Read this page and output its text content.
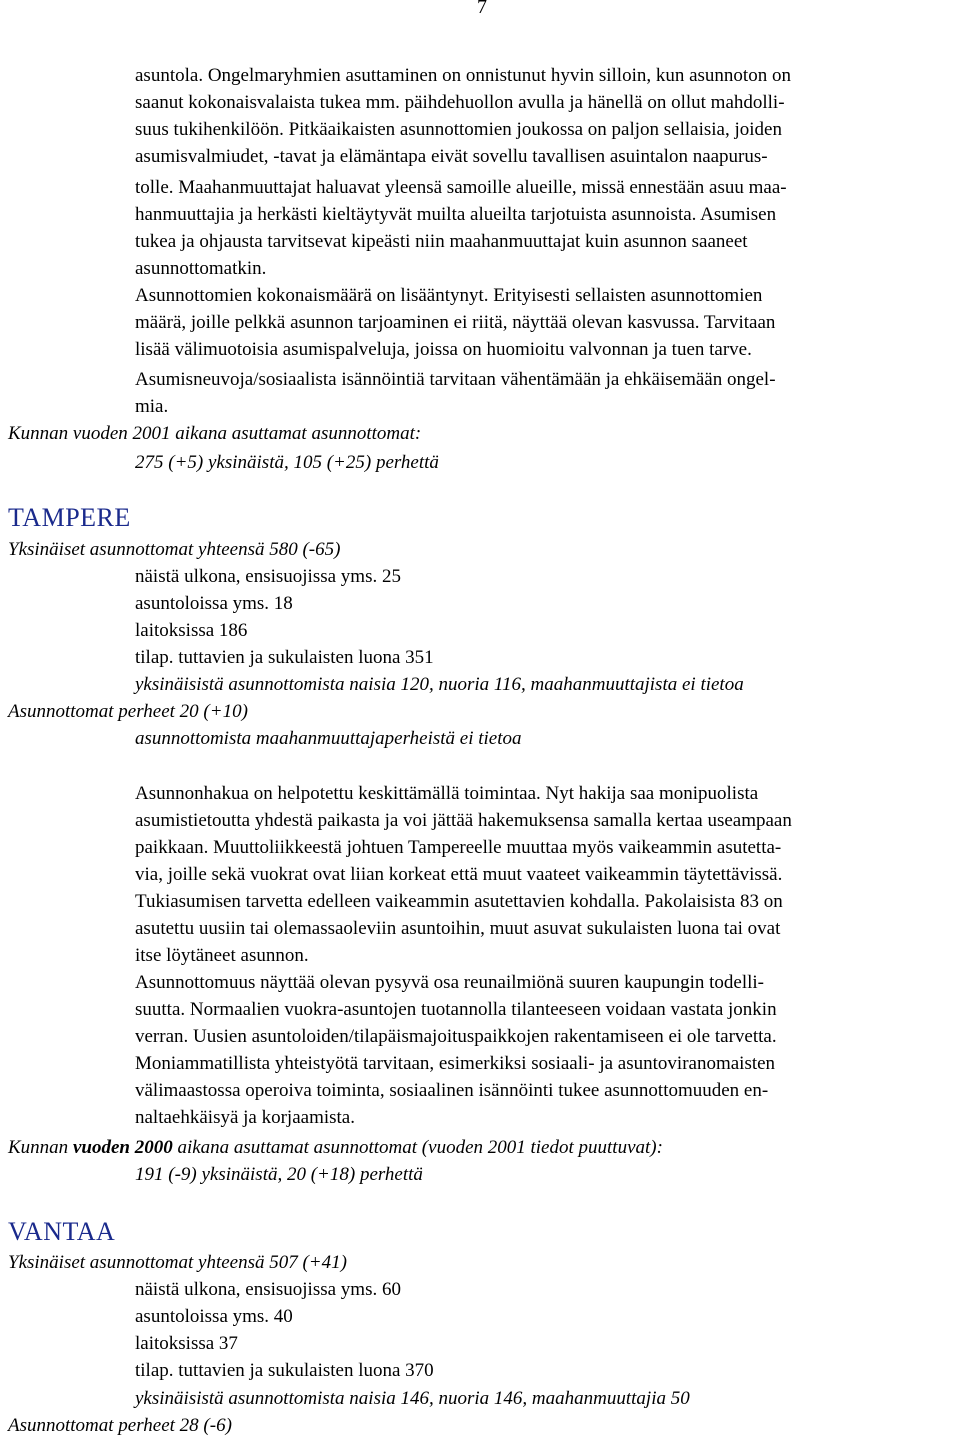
7
asuntola. Ongelmaryhmien asuttaminen on onnistunut hyvin silloin, kun asunnoton on
saanut kokonaisvalaista tukea mm. päihdehuollon avulla ja hänellä on ollut mahdolli-
suus tukihenkilöön. Pitkäaikaisten asunnottomien joukossa on paljon sellaisia, joiden
asumisvalmiudet, -tavat ja elämäntapa eivät sovellu tavallisen asuintalon naapurus-
tolle. Maahanmuuttajat haluavat yleensä samoille alueille, missä ennestään asuu maa-
hanmuuttajia ja herkästi kieltäytyvät muilta alueilta tarjotuista asunnoista. Asumisen
tukea ja ohjausta tarvitsevat kipeästi niin maahanmuuttajat kuin asunnon saaneet
asunnottomatkin.
Asunnottomien kokonaismäärä on lisääntynyt. Erityisesti sellaisten asunnottomien
määrä, joille pelkkä asunnon tarjoaminen ei riitä, näyttää olevan kasvussa. Tarvitaan
lisää välimuotoisia asumispalveluja, joissa on huomioitu valvonnan ja tuen tarve.
Asumisneuvoja/sosiaalista isännöintiä tarvitaan vähentämään ja ehkäisemään ongel-
mia.
Kunnan vuoden 2001 aikana asuttamat asunnottomat:
275 (+5) yksinäistä, 105 (+25) perhettä
TAMPERE
Yksinäiset asunnottomat yhteensä 580 (-65)
näistä ulkona, ensisuojissa yms. 25
asuntoloissa yms. 18
laitoksissa 186
tilap. tuttavien ja sukulaisten luona 351
yksinäisistä asunnottomista naisia 120, nuoria 116, maahanmuuttajista ei tietoa
Asunnottomat perheet 20 (+10)
asunnottomista maahanmuuttajaperheistä ei tietoa
Asunnonhakua on helpotettu keskittämällä toimintaa. Nyt hakija saa monipuolista
asumistietoutta yhdestä paikasta ja voi jättää hakemuksensa samalla kertaa useampaan
paikkaan. Muuttoliikkeestä johtuen Tampereelle muuttaa myös vaikeammin asutetta-
via, joille sekä vuokrat ovat liian korkeat että muut vaateet vaikeammin täytettävissä.
Tukiasumisen tarvetta edelleen vaikeammin asutettavien kohdalla. Pakolaisista 83 on
asutettu uusiin tai olemassaoleviin asuntoihin, muut asuvat sukulaisten luona tai ovat
itse löytäneet asunnon.
Asunnottomuus näyttää olevan pysyvä osa reunailmiönä suuren kaupungin todelli-
suutta. Normaalien vuokra-asuntojen tuotannolla tilanteeseen voidaan vastata jonkin
verran. Uusien asuntoloiden/tilapäismajoituspaikkojen rakentamiseen ei ole tarvetta.
Moniammatillista yhteistyötä tarvitaan, esimerkiksi sosiaali- ja asuntoviranomaisten
välimaastossa operoiva toiminta, sosiaalinen isännöinti tukee asunnottomuuden en-
naltaehkäisyä ja korjaamista.
Kunnan vuoden 2000 aikana asuttamat asunnottomat (vuoden 2001 tiedot puuttuvat):
191 (-9) yksinäistä, 20 (+18) perhettä
VANTAA
Yksinäiset asunnottomat yhteensä 507 (+41)
näistä ulkona, ensisuojissa yms. 60
asuntoloissa yms. 40
laitoksissa 37
tilap. tuttavien ja sukulaisten luona 370
yksinäisistä asunnottomista naisia 146, nuoria 146, maahanmuuttajia 50
Asunnottomat perheet 28 (-6)
